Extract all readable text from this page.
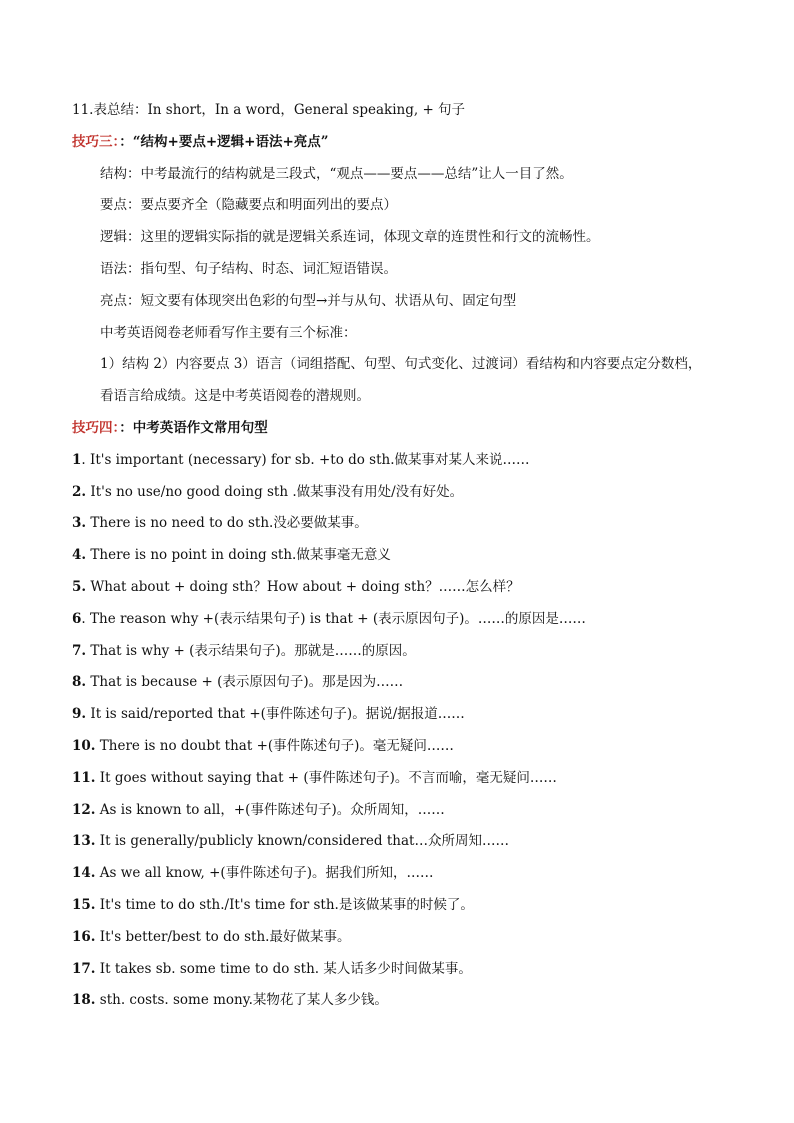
11.表总结：In short，In a word，General speaking, + 句子
技巧三：：“结构+要点+逻辑+语法+亮点”
结构：中考最流行的结构就是三段式，“观点——要点——总结”让人一目了然。
要点：要点要齐全（隐藏要点和明面列出的要点）
逻辑：这里的逻辑实际指的就是逻辑关系连词，体现文章的连贯性和行文的流畅性。
语法：指句型、句子结构、时态、词汇短语错误。
亮点：短文要有体现突出色彩的句型→并与从句、状语从句、固定句型
中考英语阅卷老师看写作主要有三个标准：
1）结构 2）内容要点 3）语言（词组搭配、句型、句式变化、过渡词）看结构和内容要点定分数档，
看语言给成绩。这是中考英语阅卷的潜规则。
技巧四：：中考英语作文常用句型
1. It's important (necessary) for sb. +to do sth.做某事对某人来说……
2. It's no use/no good doing sth .做某事没有用处/没有好处。
3. There is no need to do sth.没必要做某事。
4. There is no point in doing sth.做某事毫无意义
5. What about + doing sth？How about + doing sth？……怎么样？
6. The reason why +(表示结果句子) is that + (表示原因句子)。……的原因是……
7. That is why + (表示结果句子)。那就是……的原因。
8. That is because + (表示原因句子)。那是因为……
9. It is said/reported that +(事件陈述句子)。据说/据报道……
10. There is no doubt that +(事件陈述句子)。毫无疑问……
11. It goes without saying that + (事件陈述句子)。不言而喻，毫无疑问……
12. As is known to all，+(事件陈述句子)。众所周知，……
13. It is generally/publicly known/considered that…众所周知……
14. As we all know, +(事件陈述句子)。据我们所知，……
15. It's time to do sth./It's time for sth.是该做某事的时候了。
16. It's better/best to do sth.最好做某事。
17. It takes sb. some time to do sth. 某人话多少时间做某事。
18. sth. costs. some mony.某物花了某人多少钱。
